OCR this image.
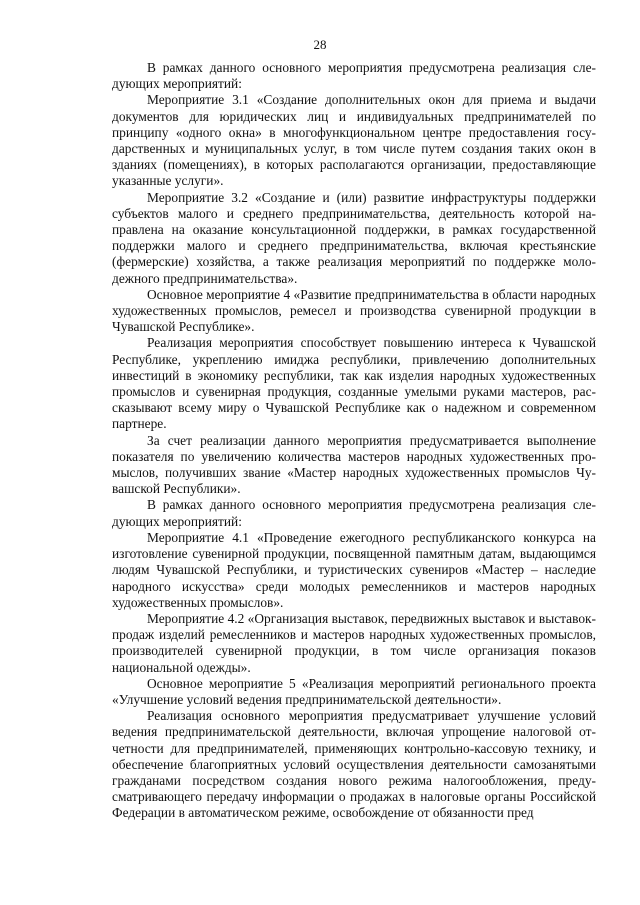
28

В рамках данного основного мероприятия предусмотрена реализация следующих мероприятий:

Мероприятие 3.1 «Создание дополнительных окон для приема и выдачи документов для юридических лиц и индивидуальных предпринимателей по принципу «одного окна» в многофункциональном центре предоставления государственных и муниципальных услуг, в том числе путем создания таких окон в зданиях (помещениях), в которых располагаются организации, предоставляющие указанные услуги».

Мероприятие 3.2 «Создание и (или) развитие инфраструктуры поддержки субъектов малого и среднего предпринимательства, деятельность которой направлена на оказание консультационной поддержки, в рамках государственной поддержки малого и среднего предпринимательства, включая крестьянские (фермерские) хозяйства, а также реализация мероприятий по поддержке молодежного предпринимательства».

Основное мероприятие 4 «Развитие предпринимательства в области народных художественных промыслов, ремесел и производства сувенирной продукции в Чувашской Республике».

Реализация мероприятия способствует повышению интереса к Чувашской Республике, укреплению имиджа республики, привлечению дополнительных инвестиций в экономику республики, так как изделия народных художественных промыслов и сувенирная продукция, созданные умелыми руками мастеров, рассказывают всему миру о Чувашской Республике как о надежном и современном партнере.

За счет реализации данного мероприятия предусматривается выполнение показателя по увеличению количества мастеров народных художественных промыслов, получивших звание «Мастер народных художественных промыслов Чувашской Республики».

В рамках данного основного мероприятия предусмотрена реализация следующих мероприятий:

Мероприятие 4.1 «Проведение ежегодного республиканского конкурса на изготовление сувенирной продукции, посвященной памятным датам, выдающимся людям Чувашской Республики, и туристических сувениров «Мастер – наследие народного искусства» среди молодых ремесленников и мастеров народных художественных промыслов».

Мероприятие 4.2 «Организация выставок, передвижных выставок и выставок-продаж изделий ремесленников и мастеров народных художественных промыслов, производителей сувенирной продукции, в том числе организация показов национальной одежды».

Основное мероприятие 5 «Реализация мероприятий регионального проекта «Улучшение условий ведения предпринимательской деятельности».

Реализация основного мероприятия предусматривает улучшение условий ведения предпринимательской деятельности, включая упрощение налоговой отчетности для предпринимателей, применяющих контрольно-кассовую технику, и обеспечение благоприятных условий осуществления деятельности самозанятыми гражданами посредством создания нового режима налогообложения, предусматривающего передачу информации о продажах в налоговые органы Российской Федерации в автоматическом режиме, освобождение от обязанности пред
